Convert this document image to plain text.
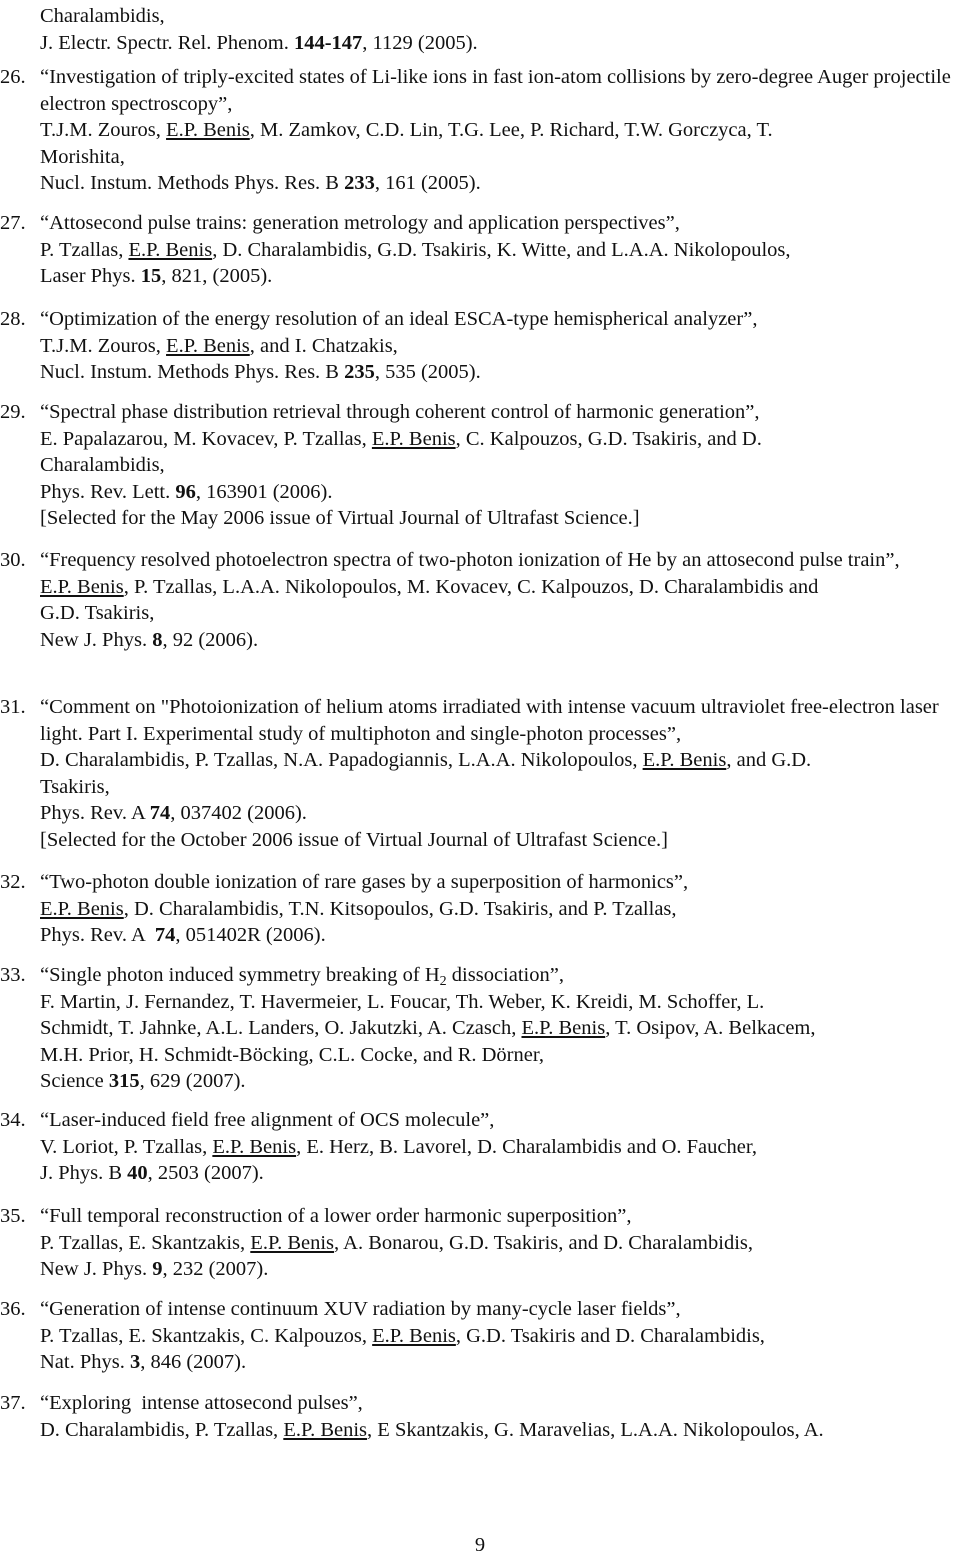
Charalambidis,
J. Electr. Spectr. Rel. Phenom. 144-147, 1129 (2005).
26. “Investigation of triply-excited states of Li-like ions in fast ion-atom collisions by zero-degree Auger projectile electron spectroscopy”,
T.J.M. Zouros, E.P. Benis, M. Zamkov, C.D. Lin, T.G. Lee, P. Richard, T.W. Gorczyca, T.
Morishita,
Nucl. Instum. Methods Phys. Res. B 233, 161 (2005).
27. “Attosecond pulse trains: generation metrology and application perspectives”,
P. Tzallas, E.P. Benis, D. Charalambidis, G.D. Tsakiris, K. Witte, and L.A.A. Nikolopoulos,
Laser Phys. 15, 821, (2005).
28. “Optimization of the energy resolution of an ideal ESCA-type hemispherical analyzer”,
T.J.M. Zouros, E.P. Benis, and I. Chatzakis,
Nucl. Instum. Methods Phys. Res. B 235, 535 (2005).
29. “Spectral phase distribution retrieval through coherent control of harmonic generation”,
E. Papalazarou, M. Kovacev, P. Tzallas, E.P. Benis, C. Kalpouzos, G.D. Tsakiris, and D.
Charalambidis,
Phys. Rev. Lett. 96, 163901 (2006).
[Selected for the May 2006 issue of Virtual Journal of Ultrafast Science.]
30. “Frequency resolved photoelectron spectra of two-photon ionization of He by an attosecond pulse train”,
E.P. Benis, P. Tzallas, L.A.A. Nikolopoulos, M. Kovacev, C. Kalpouzos, D. Charalambidis and
G.D. Tsakiris,
New J. Phys. 8, 92 (2006).
31. “Comment on "Photoionization of helium atoms irradiated with intense vacuum ultraviolet free-electron laser light. Part I. Experimental study of multiphoton and single-photon processes”,
D. Charalambidis, P. Tzallas, N.A. Papadogiannis, L.A.A. Nikolopoulos, E.P. Benis, and G.D.
Tsakiris,
Phys. Rev. A 74, 037402 (2006).
[Selected for the October 2006 issue of Virtual Journal of Ultrafast Science.]
32. “Two-photon double ionization of rare gases by a superposition of harmonics”,
E.P. Benis, D. Charalambidis, T.N. Kitsopoulos, G.D. Tsakiris, and P. Tzallas,
Phys. Rev. A  74, 051402R (2006).
33. “Single photon induced symmetry breaking of $H_2$ dissociation”,
F. Martin, J. Fernandez, T. Havermeier, L. Foucar, Th. Weber, K. Kreidi, M. Schoffer, L.
Schmidt, T. Jahnke, A.L. Landers, O. Jakutzki, A. Czasch, E.P. Benis, T. Osipov, A. Belkacem,
M.H. Prior, H. Schmidt-Böcking, C.L. Cocke, and R. Dörner,
Science 315, 629 (2007).
34. “Laser-induced field free alignment of OCS molecule”,
V. Loriot, P. Tzallas, E.P. Benis, E. Herz, B. Lavorel, D. Charalambidis and O. Faucher,
J. Phys. B 40, 2503 (2007).
35. “Full temporal reconstruction of a lower order harmonic superposition”,
P. Tzallas, E. Skantzakis, E.P. Benis, A. Bonarou, G.D. Tsakiris, and D. Charalambidis,
New J. Phys. 9, 232 (2007).
36. “Generation of intense continuum XUV radiation by many-cycle laser fields”,
P. Tzallas, E. Skantzakis, C. Kalpouzos, E.P. Benis, G.D. Tsakiris and D. Charalambidis,
Nat. Phys. 3, 846 (2007).
37. “Exploring  intense attosecond pulses”,
D. Charalambidis, P. Tzallas, E.P. Benis, E Skantzakis, G. Maravelias, L.A.A. Nikolopoulos, A.
9
